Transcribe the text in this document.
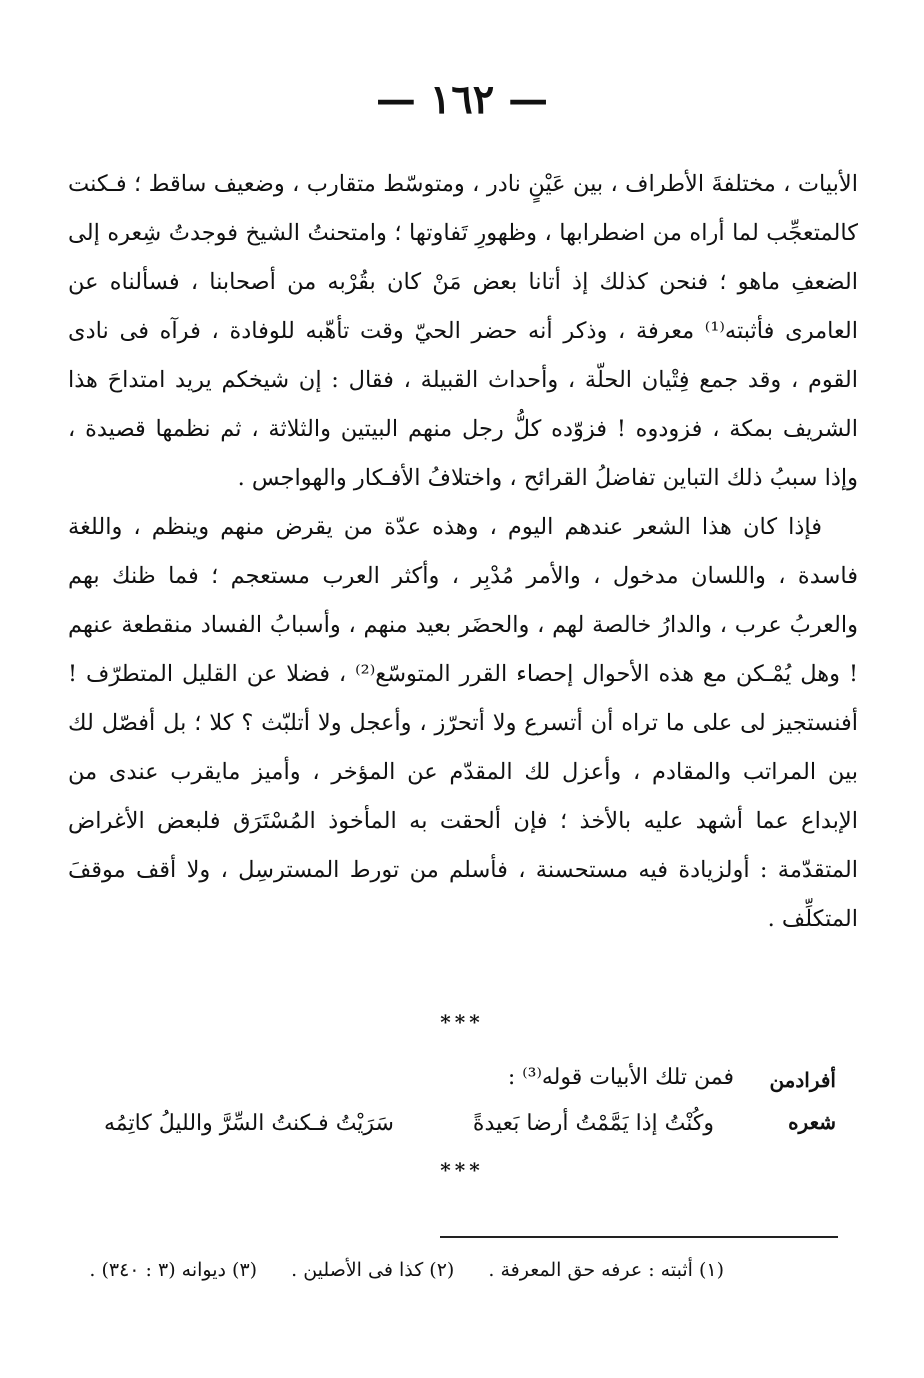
— ١٦٢ —

الأبيات ، مختلفةَ الأطراف ، بين عَيْنٍ نادر ، ومتوسّط متقارب ، وضعيف ساقط ؛ فـكنت كالمتعجِّب لما أراه من اضطرابها ، وظهورِ تَفاوتها ؛ وامتحنتُ الشيخ فوجدتُ شِعره إلى الضعفِ ماهو ؛ فنحن كذلك إذ أتانا بعض مَنْ كان بقُرْبه من أصحابنا ، فسألناه عن العامرى فأثبته⁽¹⁾ معرفة ، وذكر أنه حضر الحيّ وقت تأهّبه للوفادة ، فرآه فى نادى القوم ، وقد جمع فِتْيان الحلّة ، وأحداث القبيلة ، فقال : إن شيخكم يريد امتداحَ هذا الشريف بمكة ، فزودوه ! فزوّده كلُّ رجل منهم البيتين والثلاثة ، ثم نظمها قصيدة ، وإذا سببُ ذلك التباين تفاضلُ القرائح ، واختلافُ الأفـكار والهواجس .

فإذا كان هذا الشعر عندهم اليوم ، وهذه عدّة من يقرض منهم وينظم ، واللغة فاسدة ، واللسان مدخول ، والأمر مُدْبِر ، وأكثر العرب مستعجم ؛ فما ظنك بهم والعربُ عرب ، والدارُ خالصة لهم ، والحضَر بعيد منهم ، وأسبابُ الفساد منقطعة عنهم ! وهل يُمْـكن مع هذه الأحوال إحصاء القرر المتوسّع⁽²⁾ ، فضلا عن القليل المتطرّف ! أفنستجيز لى على ما تراه أن أتسرع ولا أتحرّز ، وأعجل ولا أتلبّث ؟ كلا ؛ بل أفصّل لك بين المراتب والمقادم ، وأعزل لك المقدّم عن المؤخر ، وأميز مايقرب عندى من الإبداع عما أشهد عليه بالأخذ ؛ فإن ألحقت به المأخوذ المُسْتَرَق فلبعض الأغراض المتقدّمة : أولزيادة فيه مستحسنة ، فأسلم من تورط المسترسِل ، ولا أقف موقفَ المتكلِّف .

***
أفرادمن
شعره
فمن تلك الأبيات قوله⁽³⁾ :
وكُنْتُ إذا يَمَّمْتُ أرضا بَعيدةً
سَرَيْتُ فـكنتُ السِّرَّ والليلُ كاتِمُه
***
(١) أثبته : عرفه حق المعرفة . (٢) كذا فى الأصلين . (٣) ديوانه (٣ : ٣٤٠) .
